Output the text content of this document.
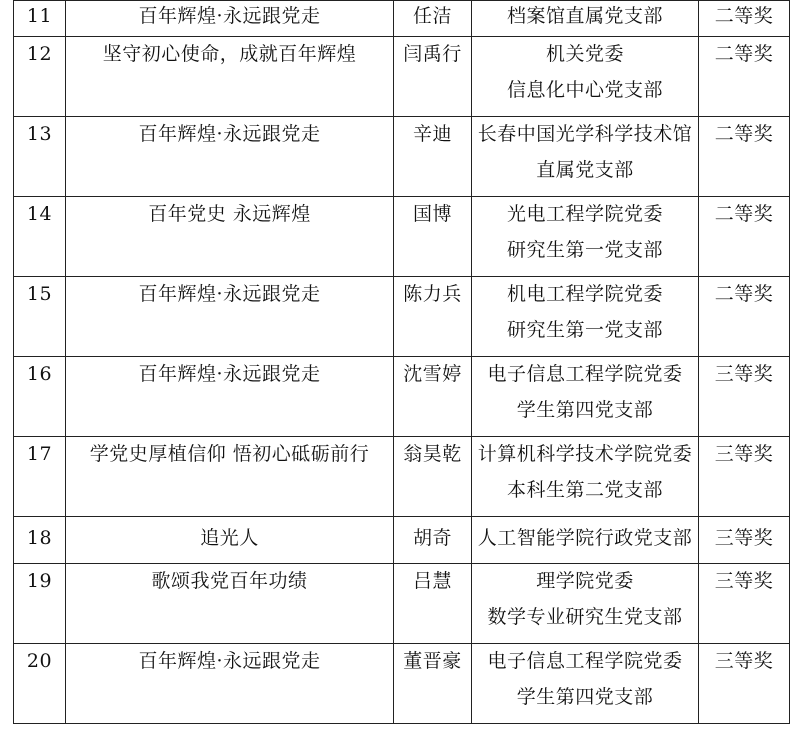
11	百年辉煌·永远跟党走	任洁	档案馆直属党支部	二等奖

12	坚守初心使命，成就百年辉煌	闫禹行	机关党委
信息化中心党支部	二等奖

13	百年辉煌·永远跟党走	辛迪	长春中国光学科学技术馆
直属党支部	二等奖

14	百年党史 永远辉煌	国博	光电工程学院党委
研究生第一党支部	二等奖

15	百年辉煌·永远跟党走	陈力兵	机电工程学院党委
研究生第一党支部	二等奖

16	百年辉煌·永远跟党走	沈雪婷	电子信息工程学院党委
学生第四党支部	三等奖

17	学党史厚植信仰 悟初心砥砺前行	翁昊乾	计算机科学技术学院党委
本科生第二党支部	三等奖

18	追光人	胡奇	人工智能学院行政党支部	三等奖

19	歌颂我党百年功绩	吕慧	理学院党委
数学专业研究生党支部	三等奖

20	百年辉煌·永远跟党走	董晋豪	电子信息工程学院党委
学生第四党支部	三等奖
